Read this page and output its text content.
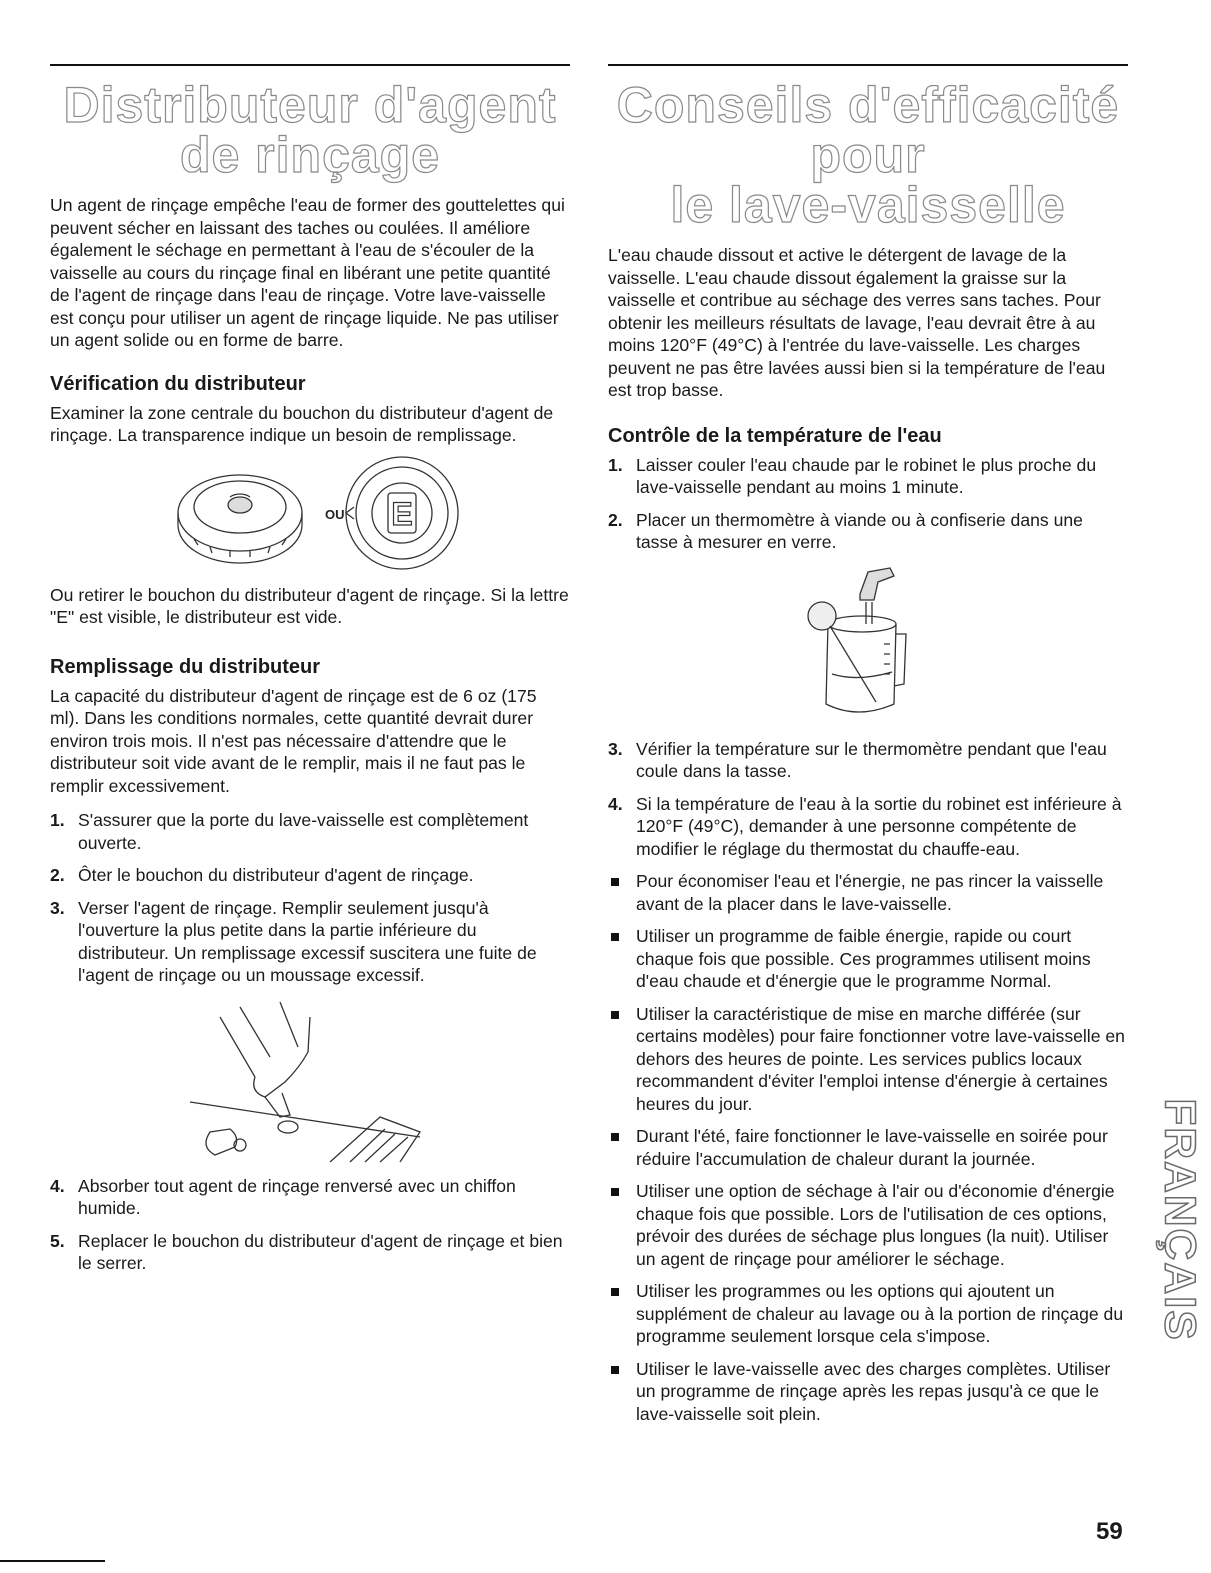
Distributeur d'agent
de rinçage

Un agent de rinçage empêche l'eau de former des gouttelettes qui peuvent sécher en laissant des taches ou coulées. Il améliore également le séchage en permettant à l'eau de s'écouler de la vaisselle au cours du rinçage final en libérant une petite quantité de l'agent de rinçage dans l'eau de rinçage. Votre lave-vaisselle est conçu pour utiliser un agent de rinçage liquide. Ne pas utiliser un agent solide ou en forme de barre.

Vérification du distributeur

Examiner la zone centrale du bouchon du distributeur d'agent de rinçage. La transparence indique un besoin de remplissage.

OU E

Ou retirer le bouchon du distributeur d'agent de rinçage. Si la lettre "E" est visible, le distributeur est vide.

Remplissage du distributeur

La capacité du distributeur d'agent de rinçage est de 6 oz (175 ml). Dans les conditions normales, cette quantité devrait durer environ trois mois. Il n'est pas nécessaire d'attendre que le distributeur soit vide avant de le remplir, mais il ne faut pas le remplir excessivement.

1. S'assurer que la porte du lave-vaisselle est complètement ouverte.
2. Ôter le bouchon du distributeur d'agent de rinçage.
3. Verser l'agent de rinçage. Remplir seulement jusqu'à l'ouverture la plus petite dans la partie inférieure du distributeur. Un remplissage excessif suscitera une fuite de l'agent de rinçage ou un moussage excessif.
4. Absorber tout agent de rinçage renversé avec un chiffon humide.
5. Replacer le bouchon du distributeur d'agent de rinçage et bien le serrer.
Conseils d'efficacité pour
le lave-vaisselle

L'eau chaude dissout et active le détergent de lavage de la vaisselle. L'eau chaude dissout également la graisse sur la vaisselle et contribue au séchage des verres sans taches. Pour obtenir les meilleurs résultats de lavage, l'eau devrait être à au moins 120°F (49°C) à l'entrée du lave-vaisselle. Les charges peuvent ne pas être lavées aussi bien si la température de l'eau est trop basse.

Contrôle de la température de l'eau
1. Laisser couler l'eau chaude par le robinet le plus proche du lave-vaisselle pendant au moins 1 minute.
2. Placer un thermomètre à viande ou à confiserie dans une tasse à mesurer en verre.
3. Vérifier la température sur le thermomètre pendant que l'eau coule dans la tasse.
4. Si la température de l'eau à la sortie du robinet est inférieure à 120°F (49°C), demander à une personne compétente de modifier le réglage du thermostat du chauffe-eau.
Pour économiser l'eau et l'énergie, ne pas rincer la vaisselle avant de la placer dans le lave-vaisselle.
Utiliser un programme de faible énergie, rapide ou court chaque fois que possible. Ces programmes utilisent moins d'eau chaude et d'énergie que le programme Normal.
Utiliser la caractéristique de mise en marche différée (sur certains modèles) pour faire fonctionner votre lave-vaisselle en dehors des heures de pointe. Les services publics locaux recommandent d'éviter l'emploi intense d'énergie à certaines heures du jour.
Durant l'été, faire fonctionner le lave-vaisselle en soirée pour réduire l'accumulation de chaleur durant la journée.
Utiliser une option de séchage à l'air ou d'économie d'énergie chaque fois que possible. Lors de l'utilisation de ces options, prévoir des durées de séchage plus longues (la nuit). Utiliser un agent de rinçage pour améliorer le séchage.
Utiliser les programmes ou les options qui ajoutent un supplément de chaleur au lavage ou à la portion de rinçage du programme seulement lorsque cela s'impose.
Utiliser le lave-vaisselle avec des charges complètes. Utiliser un programme de rinçage après les repas jusqu'à ce que le lave-vaisselle soit plein.
FRANÇAIS
59
